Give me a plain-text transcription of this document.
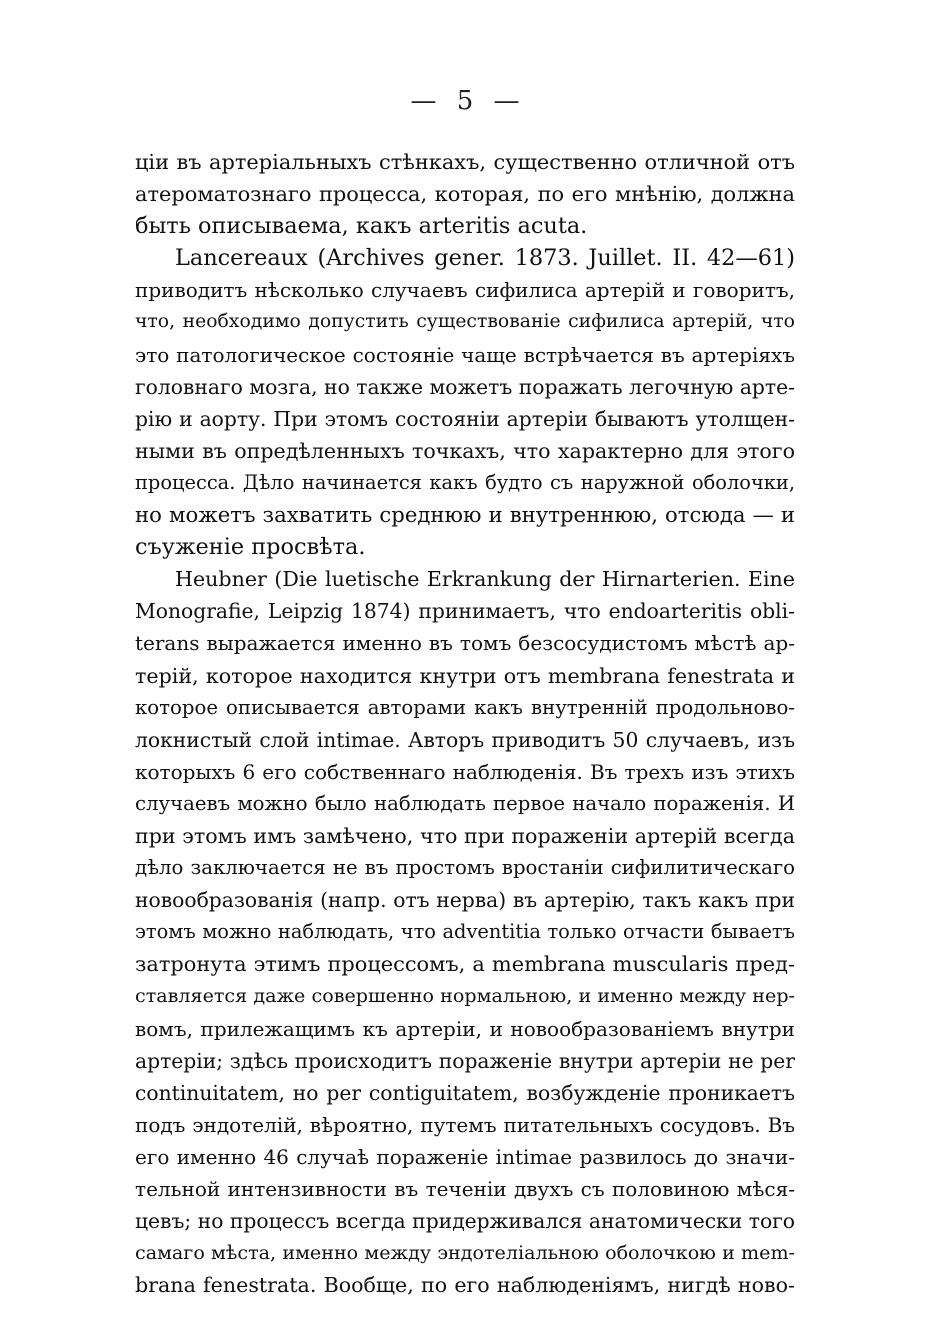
— 5 —
ціи въ артеріальныхъ стѣнкахъ, существенно отличной отъ
атероматознаго процесса, которая, по его мнѣнію, должна
быть описываема, какъ arteritis acuta.
Lancereaux (Archives gener. 1873. Juillet. II. 42—61)
приводитъ нѣсколько случаевъ сифилиса артерій и говоритъ,
что, необходимо допустить существованіе сифилиса артерій, что
это патологическое состояніе чаще встрѣчается въ артеріяхъ
головнаго мозга, но также можетъ поражать легочную арте-
рію и аорту. При этомъ состояніи артеріи бываютъ утолщен-
ными въ опредѣленныхъ точкахъ, что характерно для этого
процесса. Дѣло начинается какъ будто съ наружной оболочки,
но можетъ захватить среднюю и внутреннюю, отсюда — и
съуженіе просвѣта.
Heubner (Die luetische Erkrankung der Hirnarterien. Eine
Monografie, Leipzig 1874) принимаетъ, что endoarteritis obli-
terans выражается именно въ томъ безсосудистомъ мѣстѣ ар-
терій, которое находится кнутри отъ membrana fenestrata и
которое описывается авторами какъ внутренній продольново-
локнистый слой intimae. Авторъ приводитъ 50 случаевъ, изъ
которыхъ 6 его собственнаго наблюденія. Въ трехъ изъ этихъ
случаевъ можно было наблюдать первое начало пораженія. И
при этомъ имъ замѣчено, что при пораженіи артерій всегда
дѣло заключается не въ простомъ вростаніи сифилитическаго
новообразованія (напр. отъ нерва) въ артерію, такъ какъ при
этомъ можно наблюдать, что adventitia только отчасти бываетъ
затронута этимъ процессомъ, а membrana muscularis пред-
ставляется даже совершенно нормальною, и именно между нер-
вомъ, прилежащимъ къ артеріи, и новообразованіемъ внутри
артеріи; здѣсь происходитъ пораженіе внутри артеріи не per
continuitatem, но per contiguitatem, возбужденіе проникаетъ
подъ эндотелій, вѣроятно, путемъ питательныхъ сосудовъ. Въ
его именно 46 случаѣ пораженіе intimae развилось до значи-
тельной интензивности въ теченіи двухъ съ половиною мѣся-
цевъ; но процессъ всегда придерживался анатомически того
самаго мѣста, именно между эндотеліальною оболочкою и mem-
brana fenestrata. Вообще, по его наблюденіямъ, нигдѣ ново-
